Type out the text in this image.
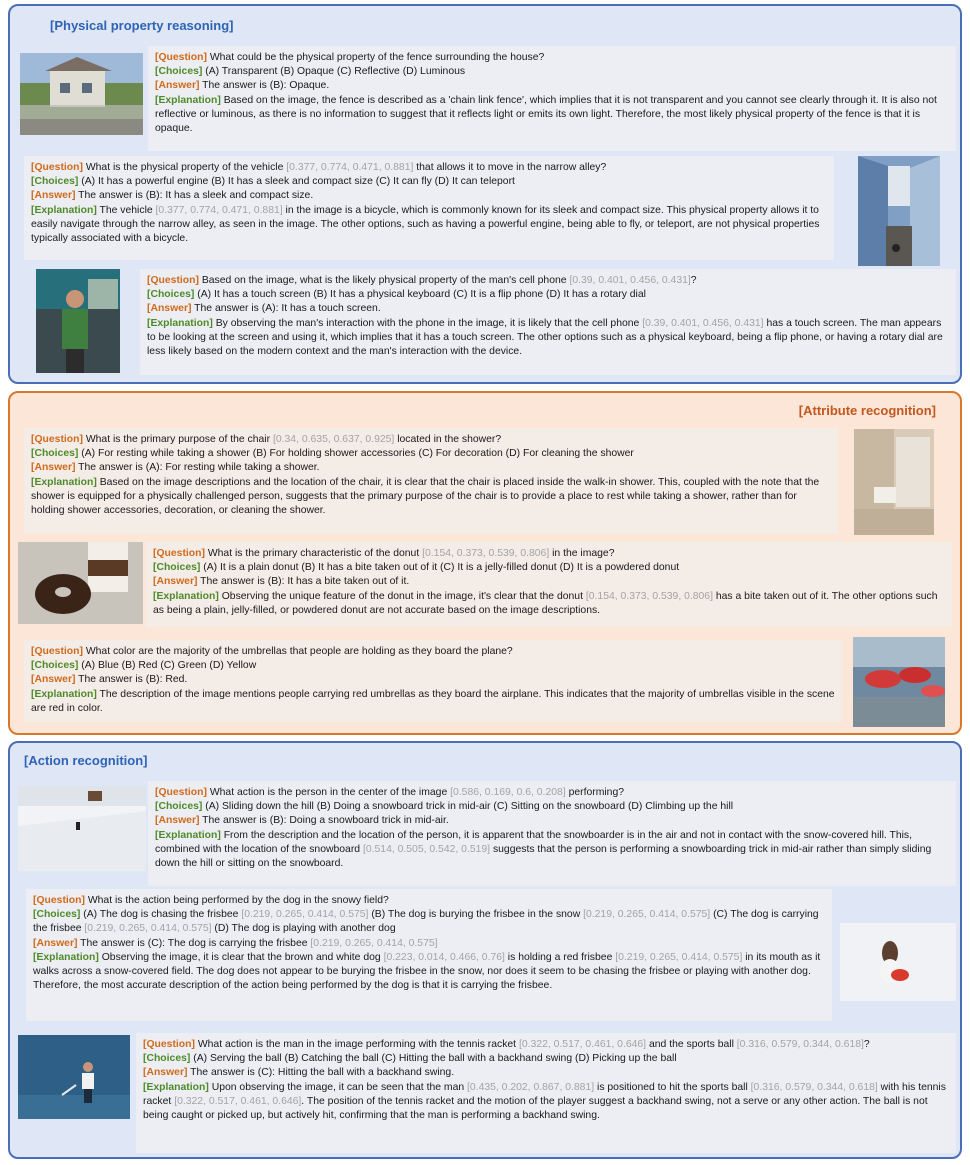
[Physical property reasoning]

[Question] What could be the physical property of the fence surrounding the house?

[Choices] (A) Transparent (B) Opaque (C) Reflective (D) Luminous

[Answer] The answer is (B): Opaque.

[Explanation] Based on the image, the fence is described as a 'chain link fence', which implies that it is not transparent and you cannot see clearly through it. It is also not reflective or luminous, as there is no information to suggest that it reflects light or emits its own light. Therefore, the most likely physical property of the fence is that it is opaque.

[Question] What is the physical property of the vehicle [0.377, 0.774, 0.471, 0.881] that allows it to move in the narrow alley?

[Choices] (A) It has a powerful engine (B) It has a sleek and compact size (C) It can fly (D) It can teleport

[Answer] The answer is (B): It has a sleek and compact size.

[Explanation] The vehicle [0.377, 0.774, 0.471, 0.881] in the image is a bicycle, which is commonly known for its sleek and compact size. This physical property allows it to easily navigate through the narrow alley, as seen in the image. The other options, such as having a powerful engine, being able to fly, or teleport, are not physical properties typically associated with a bicycle.

[Question] Based on the image, what is the likely physical property of the man's cell phone [0.39, 0.401, 0.456, 0.431]?

[Choices] (A) It has a touch screen (B) It has a physical keyboard (C) It is a flip phone (D) It has a rotary dial

[Answer] The answer is (A): It has a touch screen.

[Explanation] By observing the man's interaction with the phone in the image, it is likely that the cell phone [0.39, 0.401, 0.456, 0.431] has a touch screen. The man appears to be looking at the screen and using it, which implies that it has a touch screen. The other options such as a physical keyboard, being a flip phone, or having a rotary dial are less likely based on the modern context and the man's interaction with the device.

[Attribute recognition]

[Question] What is the primary purpose of the chair [0.34, 0.635, 0.637, 0.925] located in the shower?

[Choices] (A) For resting while taking a shower (B) For holding shower accessories (C) For decoration (D) For cleaning the shower

[Answer] The answer is (A): For resting while taking a shower.

[Explanation] Based on the image descriptions and the location of the chair, it is clear that the chair is placed inside the walk-in shower. This, coupled with the note that the shower is equipped for a physically challenged person, suggests that the primary purpose of the chair is to provide a place to rest while taking a shower, rather than for holding shower accessories, decoration, or cleaning the shower.

[Question] What is the primary characteristic of the donut [0.154, 0.373, 0.539, 0.806] in the image?

[Choices] (A) It is a plain donut (B) It has a bite taken out of it (C) It is a jelly-filled donut (D) It is a powdered donut

[Answer] The answer is (B): It has a bite taken out of it.

[Explanation] Observing the unique feature of the donut in the image, it's clear that the donut [0.154, 0.373, 0.539, 0.806] has a bite taken out of it. The other options such as being a plain, jelly-filled, or powdered donut are not accurate based on the image descriptions.

[Question] What color are the majority of the umbrellas that people are holding as they board the plane?

[Choices] (A) Blue (B) Red (C) Green (D) Yellow

[Answer] The answer is (B): Red.

[Explanation] The description of the image mentions people carrying red umbrellas as they board the airplane. This indicates that the majority of umbrellas visible in the scene are red in color.

[Action recognition]

[Question] What action is the person in the center of the image [0.586, 0.169, 0.6, 0.208] performing?

[Choices] (A) Sliding down the hill (B) Doing a snowboard trick in mid-air (C) Sitting on the snowboard (D) Climbing up the hill

[Answer] The answer is (B): Doing a snowboard trick in mid-air.

[Explanation] From the description and the location of the person, it is apparent that the snowboarder is in the air and not in contact with the snow-covered hill. This, combined with the location of the snowboard [0.514, 0.505, 0.542, 0.519] suggests that the person is performing a snowboarding trick in mid-air rather than simply sliding down the hill or sitting on the snowboard.

[Question] What is the action being performed by the dog in the snowy field?

[Choices] (A) The dog is chasing the frisbee [0.219, 0.265, 0.414, 0.575] (B) The dog is burying the frisbee in the snow [0.219, 0.265, 0.414, 0.575] (C) The dog is carrying the frisbee [0.219, 0.265, 0.414, 0.575] (D) The dog is playing with another dog

[Answer] The answer is (C): The dog is carrying the frisbee [0.219, 0.265, 0.414, 0.575]

[Explanation] Observing the image, it is clear that the brown and white dog [0.223, 0.014, 0.466, 0.76] is holding a red frisbee [0.219, 0.265, 0.414, 0.575] in its mouth as it walks across a snow-covered field. The dog does not appear to be burying the frisbee in the snow, nor does it seem to be chasing the frisbee or playing with another dog. Therefore, the most accurate description of the action being performed by the dog is that it is carrying the frisbee.

[Question] What action is the man in the image performing with the tennis racket [0.322, 0.517, 0.461, 0.646] and the sports ball [0.316, 0.579, 0.344, 0.618]?

[Choices] (A) Serving the ball (B) Catching the ball (C) Hitting the ball with a backhand swing (D) Picking up the ball

[Answer] The answer is (C): Hitting the ball with a backhand swing.

[Explanation] Upon observing the image, it can be seen that the man [0.435, 0.202, 0.867, 0.881] is positioned to hit the sports ball [0.316, 0.579, 0.344, 0.618] with his tennis racket [0.322, 0.517, 0.461, 0.646]. The position of the tennis racket and the motion of the player suggest a backhand swing, not a serve or any other action. The ball is not being caught or picked up, but actively hit, confirming that the man is performing a backhand swing.
